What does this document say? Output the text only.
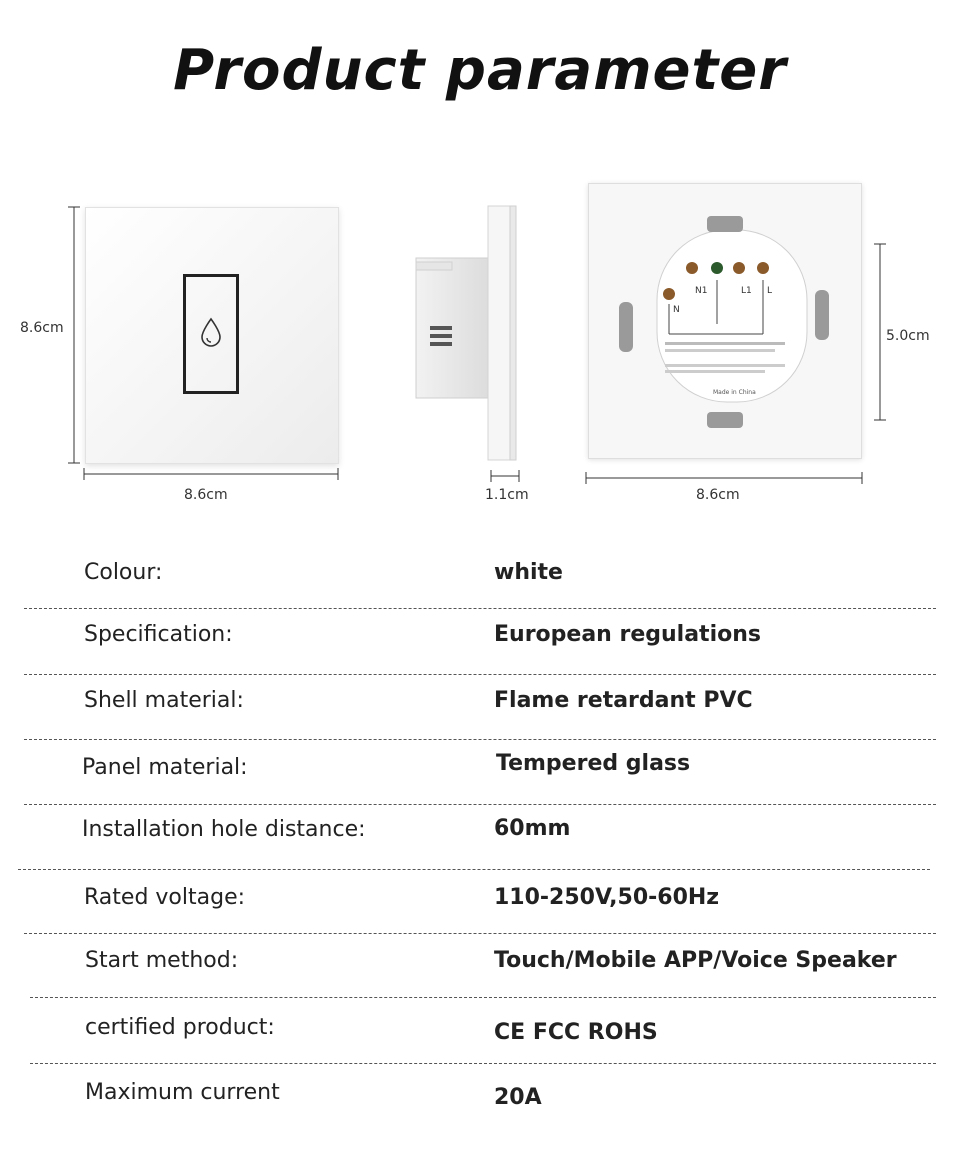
Product parameter
8.6cm
8.6cm	1.1cm
N1	L1 L
N
Made in China
5.0cm
8.6cm
Colour:	white
Specification:	European regulations
Shell material:	Flame retardant PVC
Panel material:	Tempered glass
Installation hole distance:	60mm
Rated voltage:	110-250V,50-60Hz
Start method:	Touch/Mobile APP/Voice Speaker
certified product:	CE FCC ROHS
Maximum current	20A
